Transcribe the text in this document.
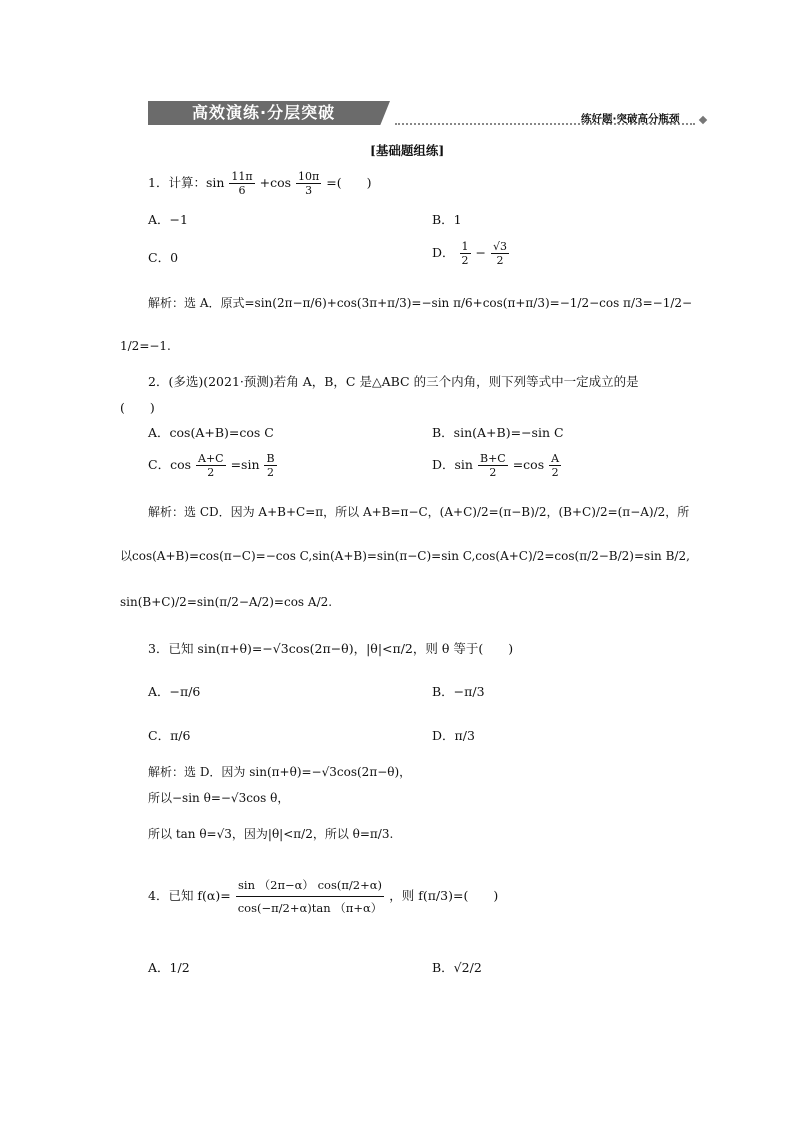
高效演练·分层突破	练好题·突破高分瓶颈
[基础题组练]
1．计算：$\sin \frac{11\pi}{6} +\cos \frac{10\pi}{3}$ =(　　)
A．−1	B．1
C．0	D． $\frac{1}{2} - \frac{√3}{2}$
解析：选 A．原式=sin(2π−π/6)+cos(3π+π/3)=−sin π/6+cos(π+π/3)=−1/2−cos π/3=−1/2−
1/2=−1.
2．(多选)(2021·预测)若角 A，B，C 是△ABC 的三个内角，则下列等式中一定成立的是
(　　)
A．cos(A+B)=cos C	B．sin(A+B)=−sin C
C．$\cos \frac{A+C}{2} =\sin \frac{B}{2}$	D．$\sin \frac{B+C}{2} =\cos \frac{A}{2}$
解析：选 CD．因为 A+B+C=π，所以 A+B=π−C，(A+C)/2=(π−B)/2，(B+C)/2=(π−A)/2，所
以cos(A+B)=cos(π−C)=−cos C,sin(A+B)=sin(π−C)=sin C,cos(A+C)/2=cos(π/2−B/2)=sin B/2,
sin(B+C)/2=sin(π/2−A/2)=cos A/2.
3．已知 sin(π+θ)=−√3cos(2π−θ)，|θ|<π/2，则 θ 等于(　　)
A．−π/6	B．−π/3
C．π/6	D．π/3
解析：选 D．因为 sin(π+θ)=−√3cos(2π−θ)，
所以−sin θ=−√3cos θ，
所以 tan θ=√3，因为|θ|<π/2，所以 θ=π/3.
4．已知 $f(\alpha)= \frac{\sin (2\pi-\alpha) \cos(\pi/2+\alpha)}{\cos(-\pi/2+\alpha)\tan (\pi+\alpha)}$ ，则 f(π/3)=(　　)
A．1/2	B．√2/2
